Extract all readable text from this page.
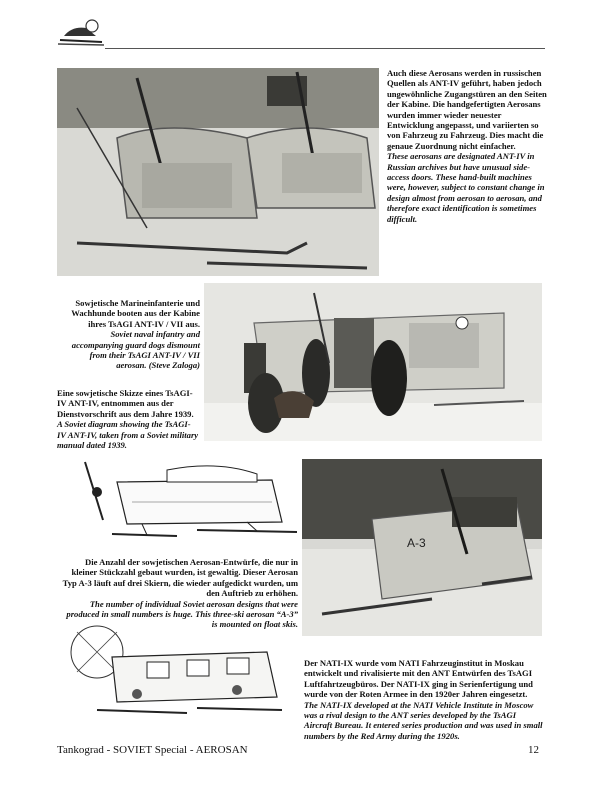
Auch diese Aerosans werden in russischen Quellen als ANT-IV geführt, haben jedoch ungewöhnliche Zugangstüren an den Seiten der Kabine. Die handgefertigten Aerosans wurden immer wieder neuester Entwicklung angepasst, und variierten so von Fahrzeug zu Fahrzeug. Dies macht die genaue Zuordnung nicht einfacher.
These aerosans are designated ANT-IV in Russian archives but have unusual side-access doors. These hand-built machines were, however, subject to constant change in design almost from aerosan to aerosan, and therefore exact identification is sometimes difficult.
Sowjetische Marineinfanterie und Wachhunde booten aus der Kabine ihres TsAGI ANT-IV / VII aus.
Soviet naval infantry and accompanying guard dogs dismount from their TsAGI ANT-IV / VII aerosan. (Steve Zaloga)
Eine sowjetische Skizze eines TsAGI-IV ANT-IV, entnommen aus der Dienstvorschrift aus dem Jahre 1939.
A Soviet diagram showing the TsAGI-IV ANT-IV, taken from a Soviet military manual dated 1939.
A-3
Die Anzahl der sowjetischen Aerosan-Entwürfe, die nur in kleiner Stückzahl gebaut wurden, ist gewaltig. Dieser Aerosan Typ A-3 läuft auf drei Skiern, die wieder aufgedickt wurden, um den Auftrieb zu erhöhen.
The number of individual Soviet aerosan designs that were produced in small numbers is huge. This three-ski aerosan “A-3” is mounted on float skis.
Der NATI-IX wurde vom NATI Fahrzeuginstitut in Moskau entwickelt und rivalisierte mit den ANT Entwürfen des TsAGI Luftfahrtzeugbüros. Der NATI-IX ging in Serienfertigung und wurde von der Roten Armee in den 1920er Jahren eingesetzt.
The NATI-IX developed at the NATI Vehicle Institute in Moscow was a rival design to the ANT series developed by the TsAGI Aircraft Bureau. It entered series production and was used in small numbers by the Red Army during the 1920s.
Tankograd - SOVIET Special - AEROSAN	12
